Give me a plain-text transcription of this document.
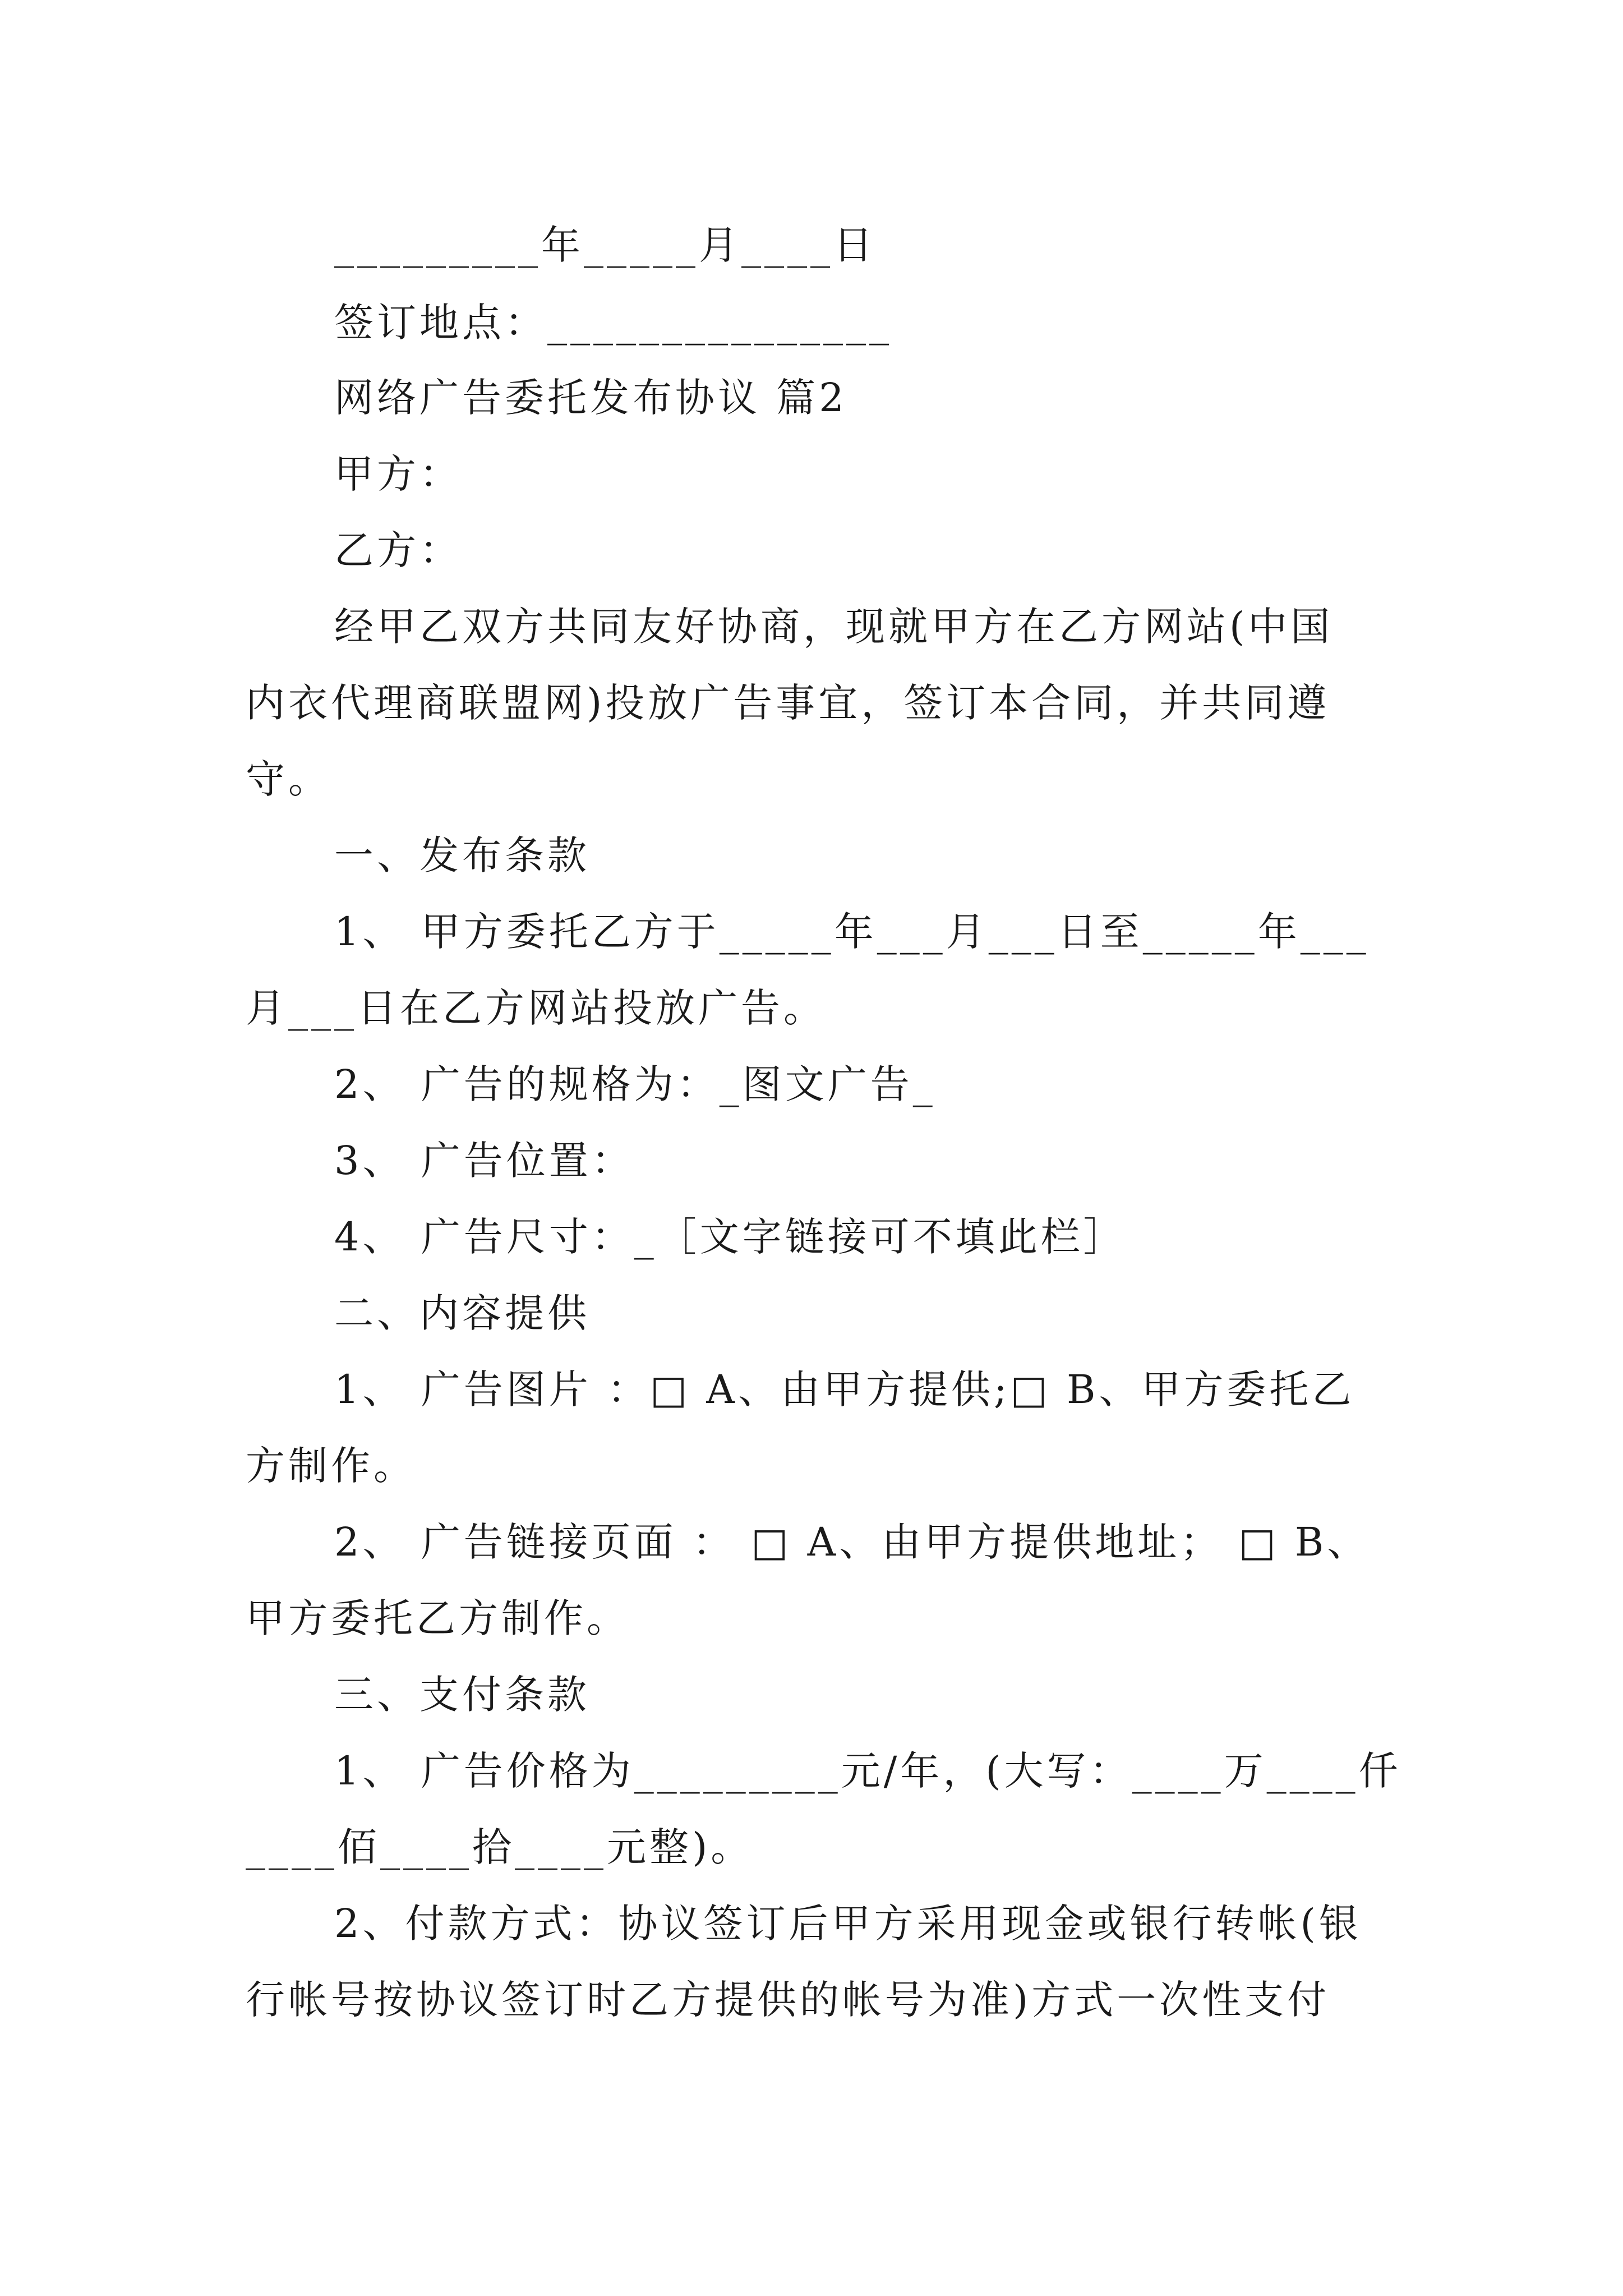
_________年_____月____日
签订地点：_______________
网络广告委托发布协议 篇2
甲方：
乙方：
经甲乙双方共同友好协商，现就甲方在乙方网站(中国
内衣代理商联盟网)投放广告事宜，签订本合同，并共同遵
守。
一、发布条款
1、 甲方委托乙方于_____年___月___日至_____年___
月___日在乙方网站投放广告。
2、 广告的规格为：_图文广告_
3、 广告位置：
4、 广告尺寸：_［文字链接可不填此栏］
二、内容提供
1、 广告图片 ：□ A、由甲方提供;□ B、甲方委托乙
方制作。
2、 广告链接页面 ： □ A、由甲方提供地址； □ B、
甲方委托乙方制作。
三、支付条款
1、 广告价格为_________元/年，(大写：____万____仟
____佰____拾____元整)。
2、付款方式：协议签订后甲方采用现金或银行转帐(银
行帐号按协议签订时乙方提供的帐号为准)方式一次性支付
